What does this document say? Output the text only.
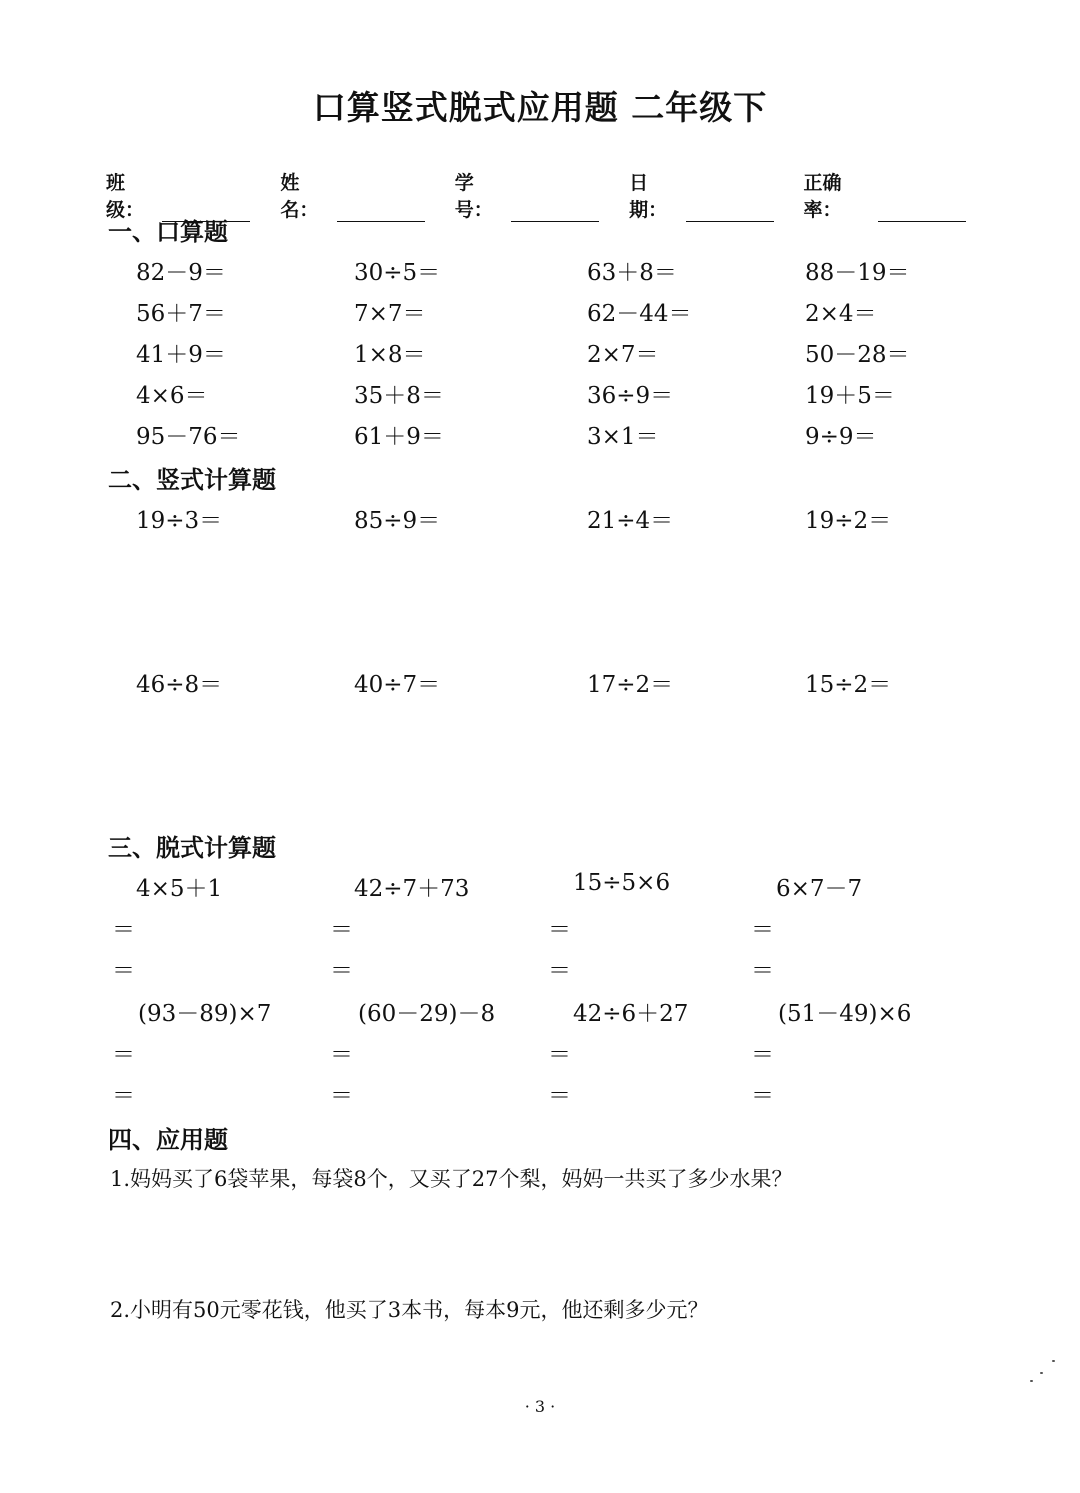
口算竖式脱式应用题 二年级下
班级：
姓名：
学号：
日期：
正确率：
一、口算题
82－9＝	30÷5＝	63＋8＝	88－19＝
56＋7＝	7×7＝	62－44＝	2×4＝
41＋9＝	1×8＝	2×7＝	50－28＝
4×6＝	35＋8＝	36÷9＝	19＋5＝
95－76＝	61＋9＝	3×1＝	9÷9＝
二、竖式计算题
19÷3＝	85÷9＝	21÷4＝	19÷2＝
46÷8＝	40÷7＝	17÷2＝	15÷2＝
三、脱式计算题
4×5＋1	42÷7＋73	15÷5×6	6×7－7
＝	＝	＝	＝
＝	＝	＝	＝
(93－89)×7	(60－29)－8	42÷6＋27	(51－49)×6
＝	＝	＝	＝
＝	＝	＝	＝
四、应用题
1.妈妈买了6袋苹果，每袋8个，又买了27个梨，妈妈一共买了多少水果？
2.小明有50元零花钱，他买了3本书，每本9元，他还剩多少元？
· 3 ·
